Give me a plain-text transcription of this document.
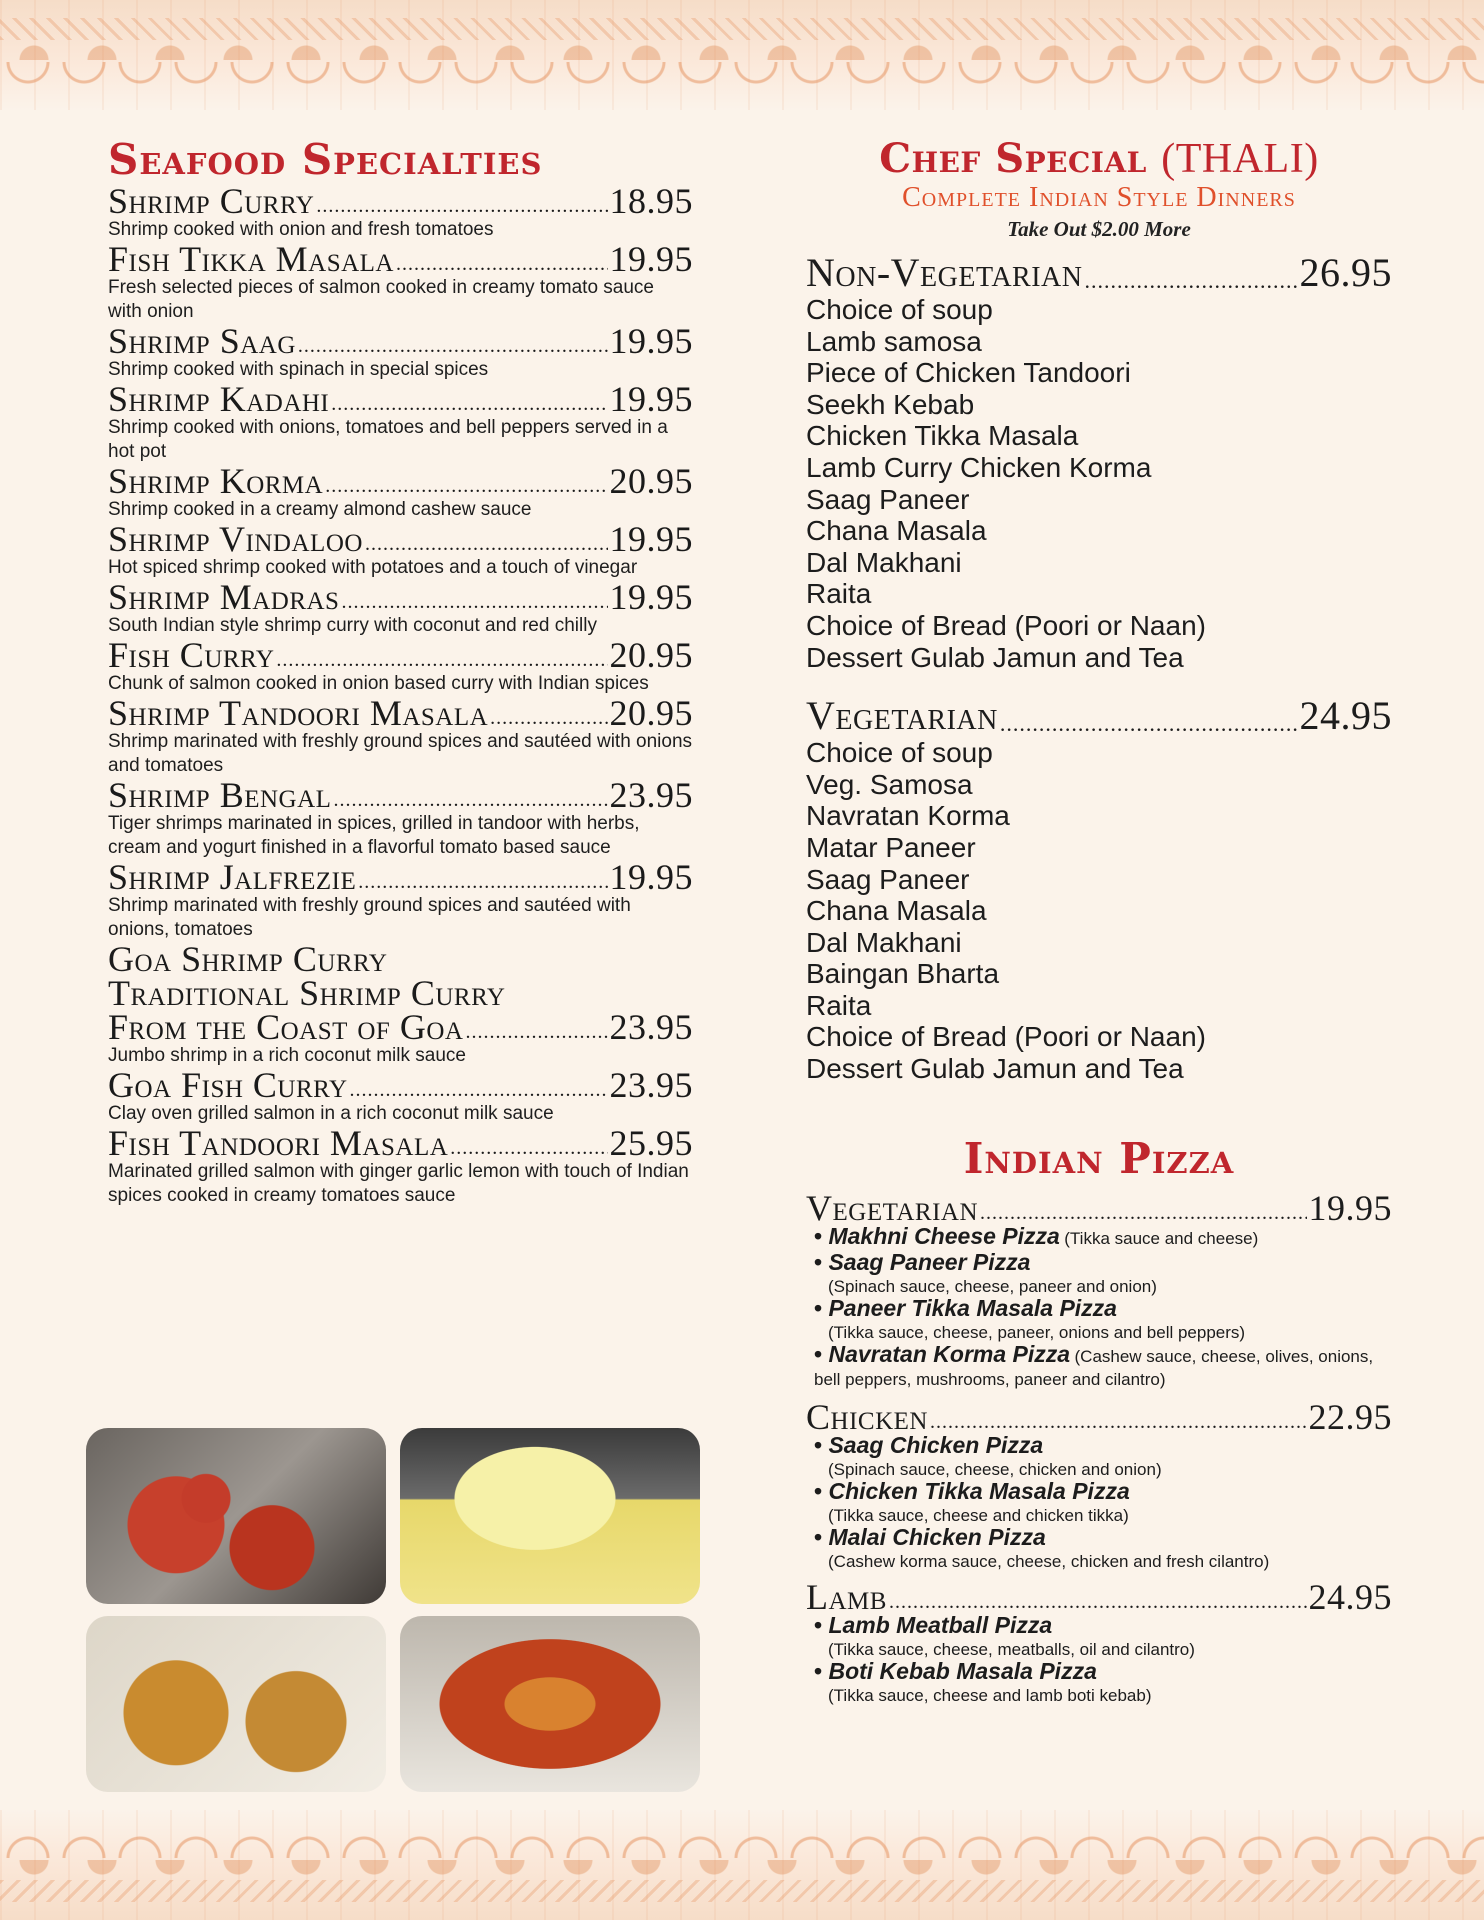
Seafood Specialties
Shrimp Curry .....	18.95
Shrimp cooked with onion and fresh tomatoes
Fish Tikka Masala .....	19.95
Fresh selected pieces of salmon cooked in creamy tomato sauce with onion
Shrimp Saag .....	19.95
Shrimp cooked with spinach in special spices
Shrimp Kadahi .....	19.95
Shrimp cooked with onions, tomatoes and bell peppers served in a hot pot
Shrimp Korma .....	20.95
Shrimp cooked in a creamy almond cashew sauce
Shrimp Vindaloo .....	19.95
Hot spiced shrimp cooked with potatoes and a touch of vinegar
Shrimp Madras .....	19.95
South Indian style shrimp curry with coconut and red chilly
Fish Curry .....	20.95
Chunk of salmon cooked in onion based curry with Indian spices
Shrimp Tandoori Masala .....	20.95
Shrimp marinated with freshly ground spices and sautéed with onions and tomatoes
Shrimp Bengal .....	23.95
Tiger shrimps marinated in spices, grilled in tandoor with herbs, cream and yogurt finished in a flavorful tomato based sauce
Shrimp Jalfrezie .....	19.95
Shrimp marinated with freshly ground spices and sautéed with onions, tomatoes
Goa Shrimp Curry
Traditional Shrimp Curry
From the Coast of Goa .....	23.95
Jumbo shrimp in a rich coconut milk sauce
Goa Fish Curry .....	23.95
Clay oven grilled salmon in a rich coconut milk sauce
Fish Tandoori Masala .....	25.95
Marinated grilled salmon with ginger garlic lemon with touch of Indian spices cooked in creamy tomatoes sauce
Chef Special (THALI)
Complete Indian Style Dinners
Take Out $2.00 More
Non-Vegetarian .....	26.95
Choice of soup
Lamb samosa
Piece of Chicken Tandoori
Seekh Kebab
Chicken Tikka Masala
Lamb Curry Chicken Korma
Saag Paneer
Chana Masala
Dal Makhani
Raita
Choice of Bread (Poori or Naan)
Dessert Gulab Jamun and Tea
Vegetarian .....	24.95
Choice of soup
Veg. Samosa
Navratan Korma
Matar Paneer
Saag Paneer
Chana Masala
Dal Makhani
Baingan Bharta
Raita
Choice of Bread (Poori or Naan)
Dessert Gulab Jamun and Tea
Indian Pizza
Vegetarian .....	19.95
• Makhni Cheese Pizza (Tikka sauce and cheese)
• Saag Paneer Pizza
(Spinach sauce, cheese, paneer and onion)
• Paneer Tikka Masala Pizza
(Tikka sauce, cheese, paneer, onions and bell peppers)
• Navratan Korma Pizza (Cashew sauce, cheese, olives, onions, bell peppers, mushrooms, paneer and cilantro)
Chicken .....	22.95
• Saag Chicken Pizza
(Spinach sauce, cheese, chicken and onion)
• Chicken Tikka Masala Pizza
(Tikka sauce, cheese and chicken tikka)
• Malai Chicken Pizza
(Cashew korma sauce, cheese, chicken and fresh cilantro)
Lamb .....	24.95
• Lamb Meatball Pizza
(Tikka sauce, cheese, meatballs, oil and cilantro)
• Boti Kebab Masala Pizza
(Tikka sauce, cheese and lamb boti kebab)
